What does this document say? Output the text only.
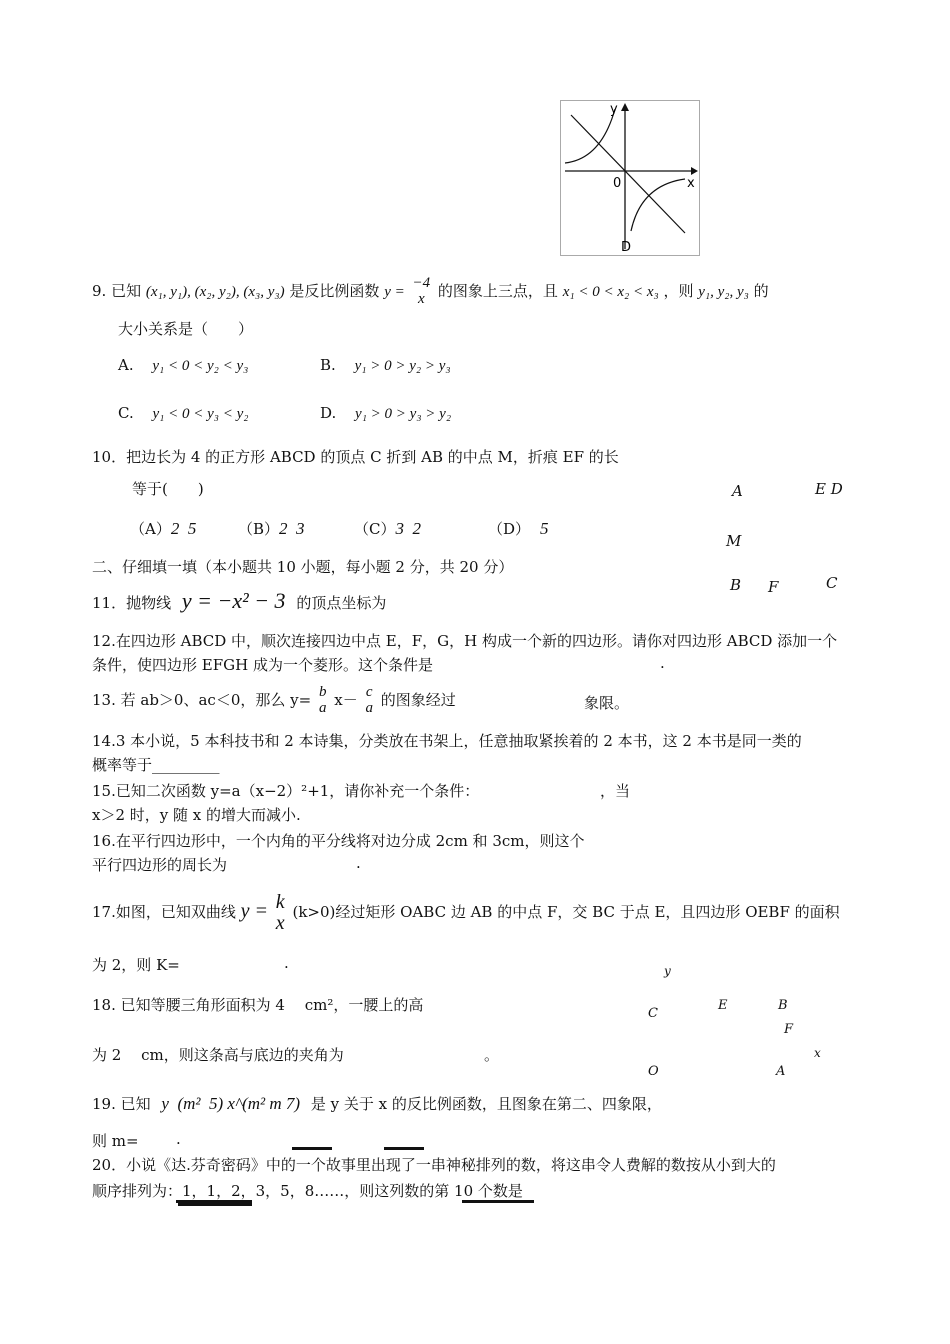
y
x
0
D
9. 已知 (x₁, y₁), (x₂, y₂), (x₃, y₃) 是反比例函数 y =
−4
x 的图象上三点，且 x₁ < 0 < x₂ < x₃ ，则 y₁, y₂, y₃ 的
大小关系是（　　）
A. y₁ < 0 < y₂ < y₃	B. y₁ > 0 > y₂ > y₃
C. y₁ < 0 < y₃ < y₂	D. y₁ > 0 > y₃ > y₂
10．把边长为 4 的正方形 ABCD 的顶点 C 折到 AB 的中点 M，折痕 EF 的长
等于(　　)
（A）2  5	（B）2  3	（C）3  2	（D） 5
A	E D
M
B F	C
二、仔细填一填（本小题共 10 小题，每小题 2 分，共 20 分）
11．抛物线 y = −x² − 3 的顶点坐标为
12.在四边形 ABCD 中，顺次连接四边中点 E，F，G，H 构成一个新的四边形。请你对四边形 ABCD 添加一个
条件，使四边形 EFGH 成为一个菱形。这个条件是	.
13. 若 ab＞0、ac＜0，那么 y= b
a x－ c
a 的图象经过	象限。
14.3 本小说，5 本科技书和 2 本诗集，分类放在书架上，任意抽取紧挨着的 2 本书，这 2 本书是同一类的
概率等于_________
15.已知二次函数 y=a（x−2）²+1，请你补充一个条件：	，当
x＞2 时，y 随 x 的增大而减小.
16.在平行四边形中，一个内角的平分线将对边分成 2cm 和 3cm，则这个
平行四边形的周长为	.
17.如图，已知双曲线 y = k
x (k>0)经过矩形 OABC 边 AB 的中点 F，交 BC 于点 E，且四边形 OEBF 的面积
为 2，则 K=	.	y
C
E	B
F
x
O	A
18. 已知等腰三角形面积为 4　 cm²，一腰上的高
为 2　 cm，则这条高与底边的夹角为	。
19. 已知 y  (m²  5) x^(m² m 7) 是 y 关于 x 的反比例函数，且图象在第二、四象限，
则 m= .
20．小说《达.芬奇密码》中的一个故事里出现了一串神秘排列的数，将这串令人费解的数按从小到大的
顺序排列为：1，1，2，3，5，8……，则这列数的第 10 个数是
